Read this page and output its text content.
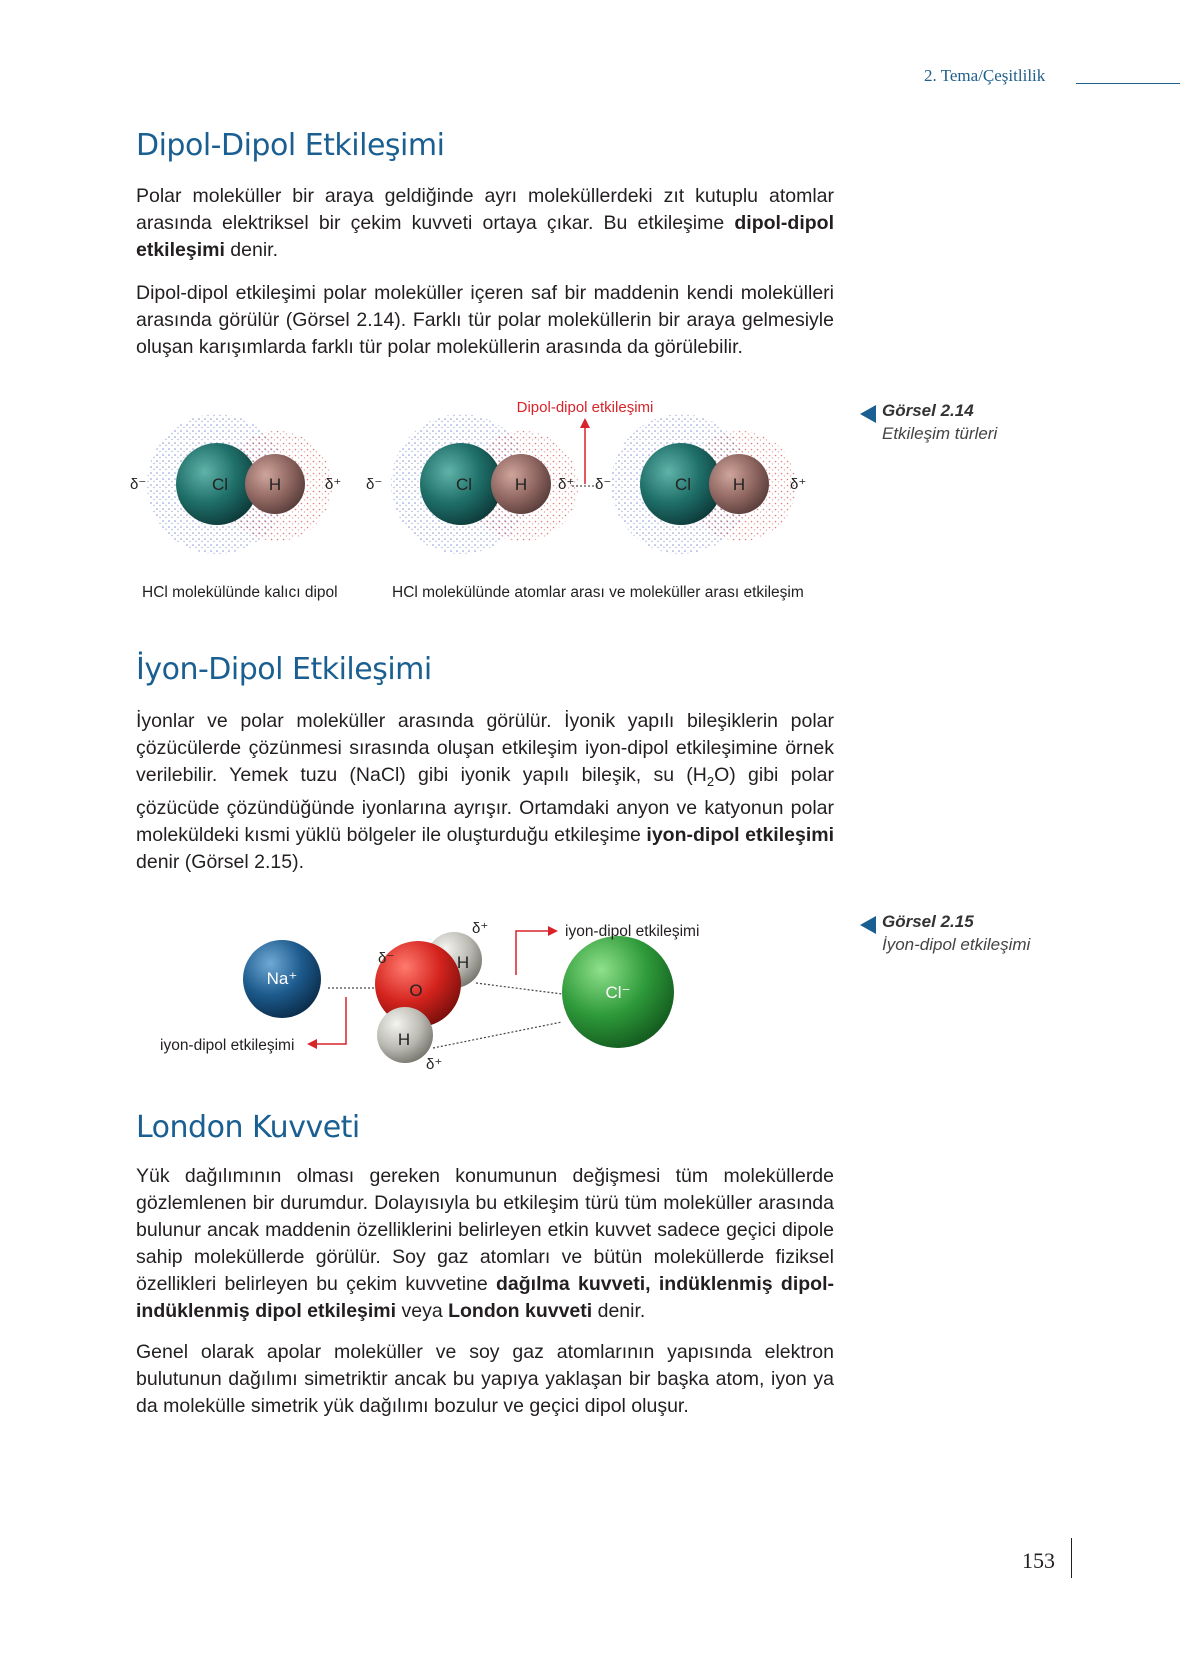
2. Tema/Çeşitlilik
Dipol-Dipol Etkileşimi

Polar moleküller bir araya geldiğinde ayrı moleküllerdeki zıt kutuplu atomlar arasında elektriksel bir çekim kuvveti ortaya çıkar. Bu etkileşime dipol-dipol etkileşimi denir.

Dipol-dipol etkileşimi polar moleküller içeren saf bir maddenin kendi molekülleri arasında görülür (Görsel 2.14). Farklı tür polar moleküllerin bir araya gelmesiyle oluşan karışımlarda farklı tür polar moleküllerin arasında da görülebilir.

Cl H
δ⁻	δ⁺	Cl	H
δ⁻	δ⁺	Cl H
δ⁻	δ⁺
Dipol-dipol etkileşimi
HCl molekülünde kalıcı dipol	HCl molekülünde atomlar arası ve moleküller arası etkileşim
Görsel 2.14
Etkileşim türleri
İyon-Dipol Etkileşimi

İyonlar ve polar moleküller arasında görülür. İyonik yapılı bileşiklerin polar çözücülerde çözünmesi sırasında oluşan etkileşim iyon-dipol etkileşimine örnek verilebilir. Yemek tuzu (NaCl) gibi iyonik yapılı bileşik, su $(H_2O)$ gibi polar çözücüde çözündüğünde iyonlarına ayrışır. Ortamdaki anyon ve katyonun polar moleküldeki kısmi yüklü bölgeler ile oluşturduğu etkileşime iyon-dipol etkileşimi denir (Görsel 2.15).

Na⁺
O
H
H
δ⁻
δ⁺
δ⁺
Cl⁻
iyon-dipol etkileşimi
iyon-dipol etkileşimi
Görsel 2.15
İyon-dipol etkileşimi
London Kuvveti

Yük dağılımının olması gereken konumunun değişmesi tüm moleküllerde gözlemlenen bir durumdur. Dolayısıyla bu etkileşim türü tüm moleküller arasında bulunur ancak maddenin özelliklerini belirleyen etkin kuvvet sadece geçici dipole sahip moleküllerde görülür. Soy gaz atomları ve bütün moleküllerde fiziksel özellikleri belirleyen bu çekim kuvvetine dağılma kuvveti, indüklenmiş dipol-indüklenmiş dipol etkileşimi veya London kuvveti denir.

Genel olarak apolar moleküller ve soy gaz atomlarının yapısında elektron bulutunun dağılımı simetriktir ancak bu yapıya yaklaşan bir başka atom, iyon ya da molekülle simetrik yük dağılımı bozulur ve geçici dipol oluşur.

153
